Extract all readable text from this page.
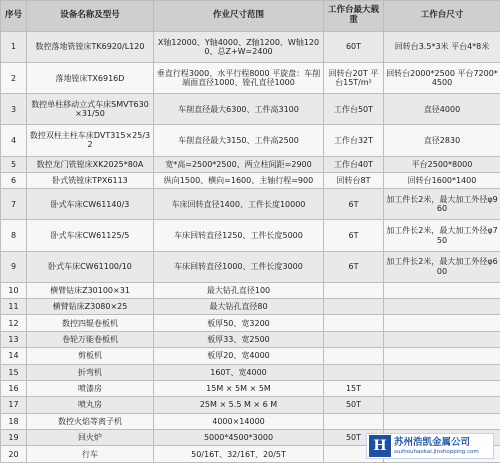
序号	设备名称及型号	作业尺寸范围	工作台最大载重	工作台尺寸
1	数控落地铣镗床TK6920/L120	X轴12000、Y轴4000、Z轴1200、W轴1200、总Z+W=2400	60T	回转台3.5*3米 平台4*8米
2	落地镗床TX6916D	垂直行程3000、水平行程8000 平旋盘：车削端面直径1000、镗孔直径1000	回转台20T 平台15T/m²	回转台2000*2500 平台7200*4500
3	数控单柱移动立式车床SMVT630×31/50	车削直径最大6300、工件高3100	工作台50T	直径4000
4	数控双柱主柱车床DVT315×25/32	车削直径最大3150、工件高2500	工作台32T	直径2830
5	数控龙门铣镗床XK2025*80A	宽*高=2500*2500、两立柱间距=2900	工作台40T	平台2500*8000
6	卧式铣镗床TPX6113	纵向1500、横向=1600、主轴行程=900	回转台8T	回转台1600*1400
7	卧式车床CW61140/3	车床回转直径1400、工件长度10000	6T	加工件长2米，最大加工外径φ960
8	卧式车床CW61125/5	车床回转直径1250、工件长度5000	6T	加工件长2米，最大加工外径φ750
9	卧式车床CW61100/10	车床回转直径1000、工件长度3000	6T	加工件长2米，最大加工外径φ600
10	横臂钻床Z30100×31	最大钻孔直径100		
11	横臂钻床Z3080×25	最大钻孔直径80		
12	数控四辊卷板机	板厚50、宽3200		
13	卷轮万能卷板机	板厚33、宽2500		
14	剪板机	板厚20、宽4000		
15	折弯机	160T、宽4000		
16	喷漆房	15M × 5M × 5M	15T	
17	喷丸房	25M × 5.5 M × 6 M	50T	
18	数控火焰等离子机	4000×14000		
19	回火炉	5000*4500*3000	50T	
20	行车	50/16T、32/16T、20/5T		
H 苏州浩凯金属公司
suzhouhaokai.jlnshopping.com
